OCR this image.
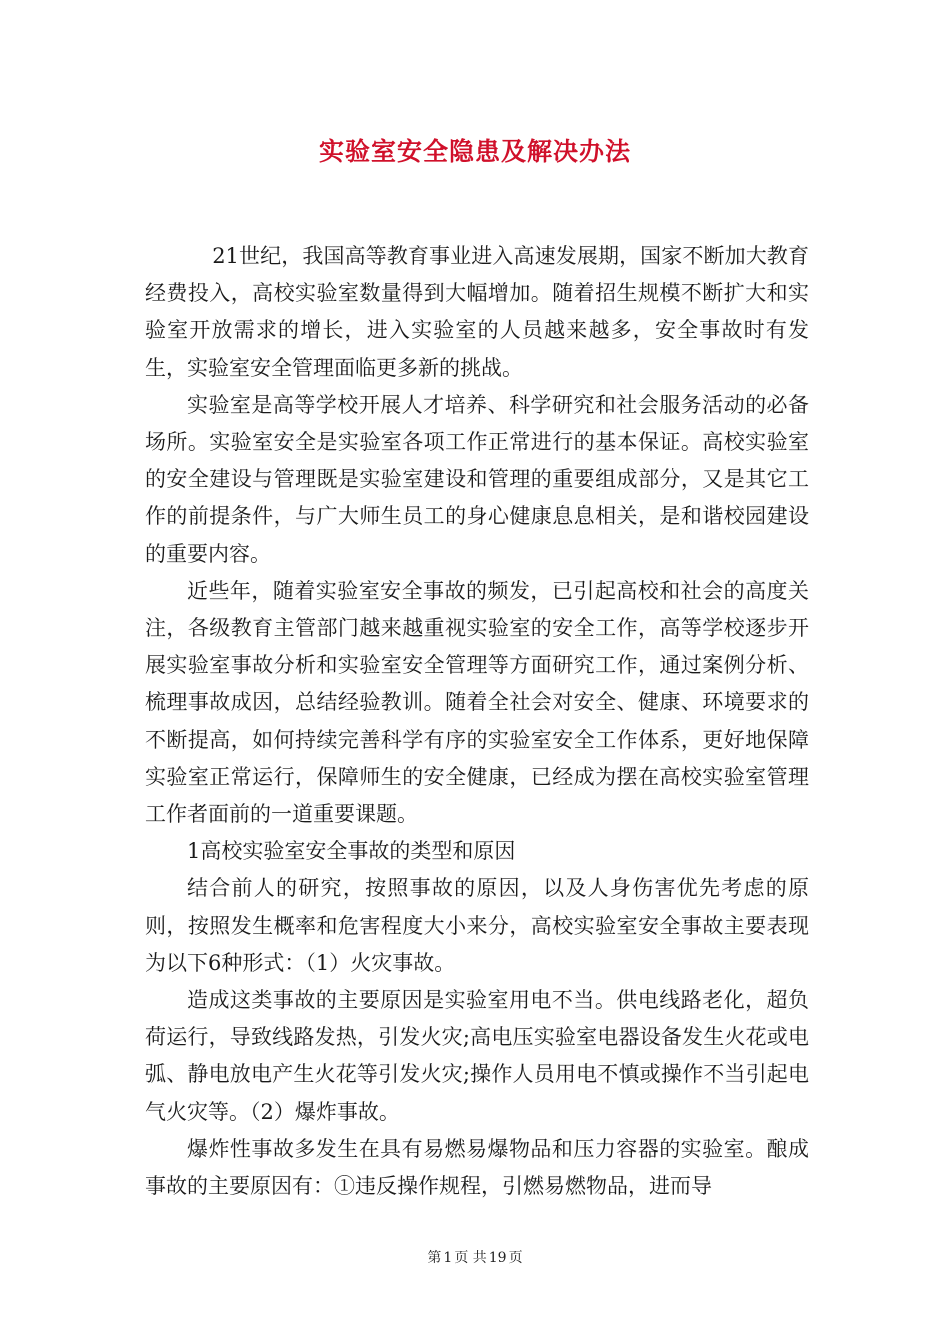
实验室安全隐患及解决办法

21世纪，我国高等教育事业进入高速发展期，国家不断加大教育经费投入，高校实验室数量得到大幅增加。随着招生规模不断扩大和实验室开放需求的增长，进入实验室的人员越来越多，安全事故时有发生，实验室安全管理面临更多新的挑战。

实验室是高等学校开展人才培养、科学研究和社会服务活动的必备场所。实验室安全是实验室各项工作正常进行的基本保证。高校实验室的安全建设与管理既是实验室建设和管理的重要组成部分，又是其它工作的前提条件，与广大师生员工的身心健康息息相关，是和谐校园建设的重要内容。

近些年，随着实验室安全事故的频发，已引起高校和社会的高度关注，各级教育主管部门越来越重视实验室的安全工作，高等学校逐步开展实验室事故分析和实验室安全管理等方面研究工作，通过案例分析、梳理事故成因，总结经验教训。随着全社会对安全、健康、环境要求的不断提高，如何持续完善科学有序的实验室安全工作体系，更好地保障实验室正常运行，保障师生的安全健康，已经成为摆在高校实验室管理工作者面前的一道重要课题。

1高校实验室安全事故的类型和原因

结合前人的研究，按照事故的原因，以及人身伤害优先考虑的原则，按照发生概率和危害程度大小来分，高校实验室安全事故主要表现为以下6种形式：（1）火灾事故。

造成这类事故的主要原因是实验室用电不当。供电线路老化，超负荷运行，导致线路发热，引发火灾;高电压实验室电器设备发生火花或电弧、静电放电产生火花等引发火灾;操作人员用电不慎或操作不当引起电气火灾等。（2）爆炸事故。

爆炸性事故多发生在具有易燃易爆物品和压力容器的实验室。酿成事故的主要原因有：①违反操作规程，引燃易燃物品，进而导

第 1 页 共 19 页
